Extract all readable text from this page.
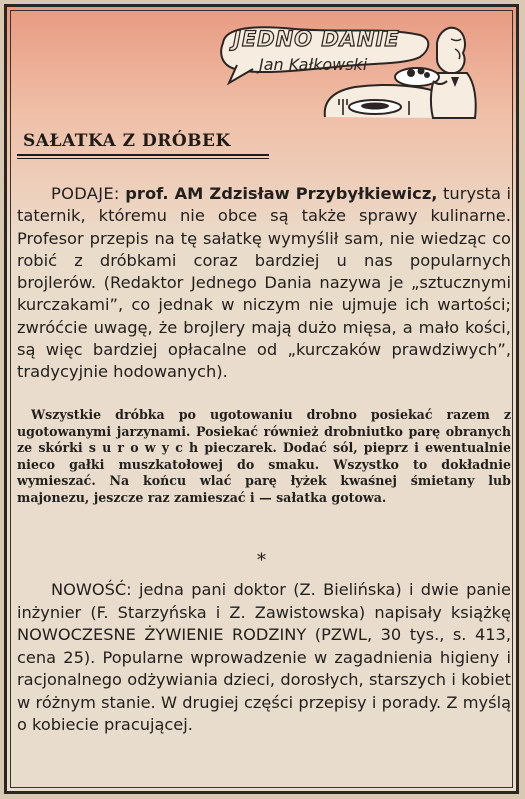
JEDNO DANIE
Jan Kałkowski
SAŁATKA Z DRÓBEK

PODAJE: prof. AM Zdzisław Przybyłkiewicz, turysta i taternik, któremu nie obce są także sprawy kulinarne. Profesor przepis na tę sałatkę wymyślił sam, nie wiedząc co robić z dróbkami coraz bardziej u nas popularnych brojlerów. (Redaktor Jednego Dania nazywa je „sztucznymi kurczakami”, co jednak w niczym nie ujmuje ich wartości; zwróćcie uwagę, że brojlery mają dużo mięsa, a mało kości, są więc bardziej opłacalne od „kurczaków prawdziwych”, tradycyjnie hodowanych).

Wszystkie dróbka po ugotowaniu drobno posiekać razem z ugotowanymi jarzynami. Posiekać również drobniutko parę obranych ze skórki s u r o w y c h pieczarek. Dodać sól, pieprz i ewentualnie nieco gałki muszkatołowej do smaku. Wszystko to dokładnie wymieszać. Na końcu wlać parę łyżek kwaśnej śmietany lub majonezu, jeszcze raz zamieszać i — sałatka gotowa.

*

NOWOŚĆ: jedna pani doktor (Z. Bielińska) i dwie panie inżynier (F. Starzyńska i Z. Zawistowska) napisały książkę NOWOCZESNE ŻYWIENIE RODZINY (PZWL, 30 tys., s. 413, cena 25). Popularne wprowadzenie w zagadnienia higieny i racjonalnego odżywiania dzieci, dorosłych, starszych i kobiet w różnym stanie. W drugiej części przepisy i porady. Z myślą o kobiecie pracującej.
